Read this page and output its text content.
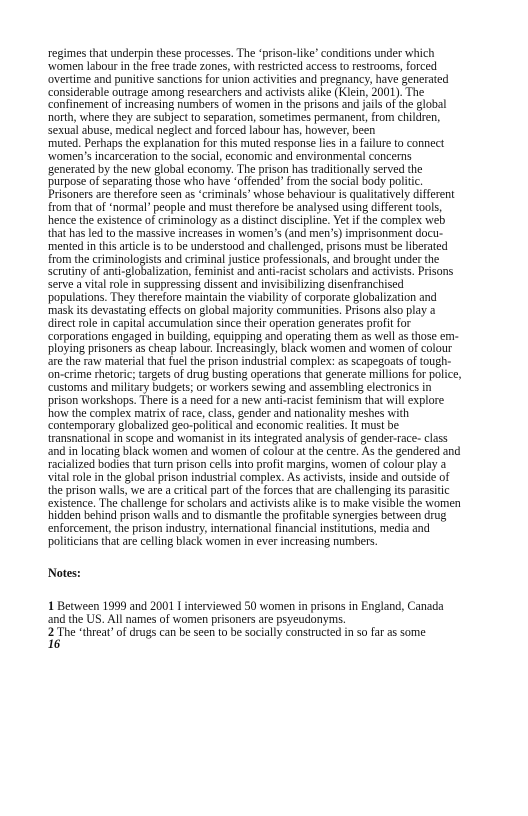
regimes that underpin these processes. The ‘prison-like’ conditions under which
women labour in the free trade zones, with restricted access to restrooms, forced
overtime and punitive sanctions for union activities and pregnancy, have generated
considerable outrage among researchers and activists alike (Klein, 2001). The
confinement of increasing numbers of women in the prisons and jails of the global
north, where they are subject to separation, sometimes permanent, from children,
sexual abuse, medical neglect and forced labour has, however, been
muted. Perhaps the explanation for this muted response lies in a failure to connect
women’s incarceration to the social, economic and environmental concerns
generated by the new global economy. The prison has traditionally served the
purpose of separating those who have ‘offended’ from the social body politic.
Prisoners are therefore seen as ‘criminals’ whose behaviour is qualitatively different
from that of ‘normal’ people and must therefore be analysed using different tools,
hence the existence of criminology as a distinct discipline. Yet if the complex web
that has led to the massive increases in women’s (and men’s) imprisonment docu-
mented in this article is to be understood and challenged, prisons must be liberated
from the criminologists and criminal justice professionals, and brought under the
scrutiny of anti-globalization, feminist and anti-racist scholars and activists. Prisons
serve a vital role in suppressing dissent and invisibilizing disenfranchised
populations. They therefore maintain the viability of corporate globalization and
mask its devastating effects on global majority communities. Prisons also play a
direct role in capital accumulation since their operation generates profit for
corporations engaged in building, equipping and operating them as well as those em-
ploying prisoners as cheap labour. Increasingly, black women and women of colour
are the raw material that fuel the prison industrial complex: as scapegoats of tough-
on-crime rhetoric; targets of drug busting operations that generate millions for police,
customs and military budgets; or workers sewing and assembling electronics in
prison workshops. There is a need for a new anti-racist feminism that will explore
how the complex matrix of race, class, gender and nationality meshes with
contemporary globalized geo-political and economic realities. It must be
transnational in scope and womanist in its integrated analysis of gender-race- class
and in locating black women and women of colour at the centre. As the gendered and
racialized bodies that turn prison cells into profit margins, women of colour play a
vital role in the global prison industrial complex. As activists, inside and outside of
the prison walls, we are a critical part of the forces that are challenging its parasitic
existence. The challenge for scholars and activists alike is to make visible the women
hidden behind prison walls and to dismantle the profitable synergies between drug
enforcement, the prison industry, international financial institutions, media and
politicians that are celling black women in ever increasing numbers.
Notes:
1 Between 1999 and 2001 I interviewed 50 women in prisons in England, Canada
and the US. All names of women prisoners are psyeudonyms.
2 The ‘threat’ of drugs can be seen to be socially constructed in so far as some
16
